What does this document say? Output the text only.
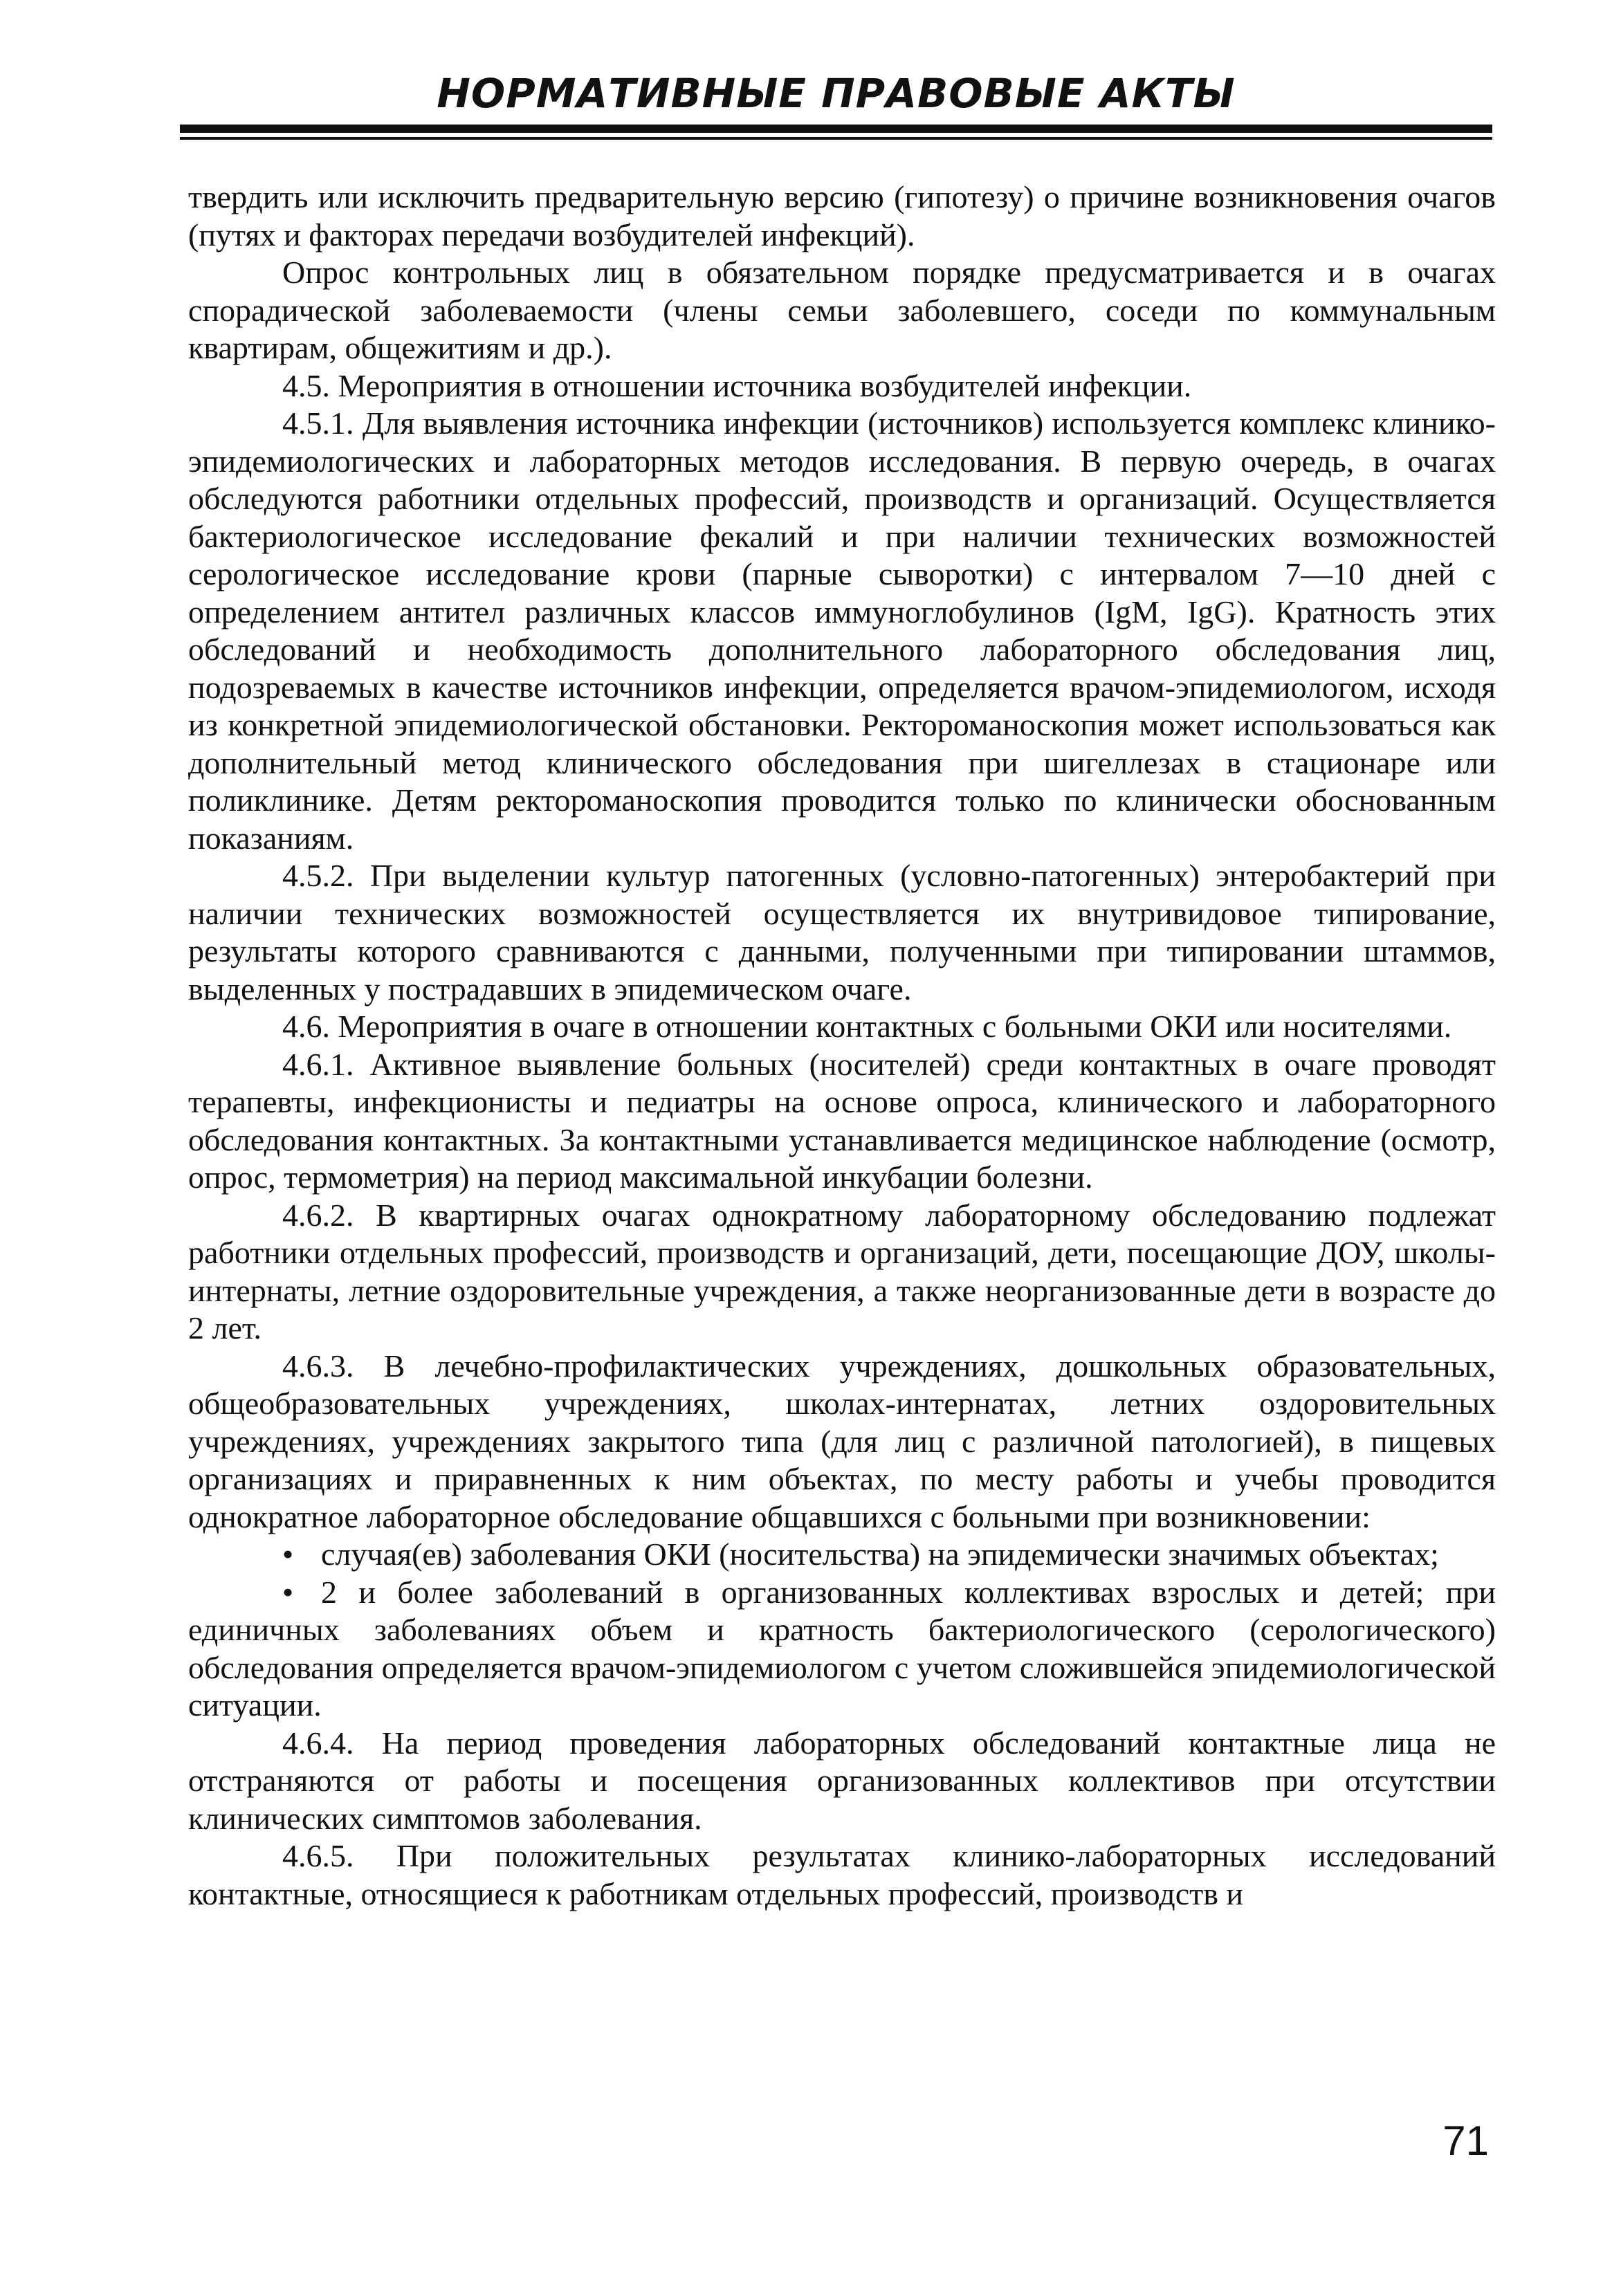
НОРМАТИВНЫЕ ПРАВОВЫЕ АКТЫ

твердить или исключить предварительную версию (гипотезу) о причине возникновения очагов (путях и факторах передачи возбудителей инфекций).

Опрос контрольных лиц в обязательном порядке предусматривается и в очагах спорадической заболеваемости (члены семьи заболевшего, соседи по коммунальным квартирам, общежитиям и др.).

4.5. Мероприятия в отношении источника возбудителей инфекции.

4.5.1. Для выявления источника инфекции (источников) используется комплекс клинико-эпидемиологических и лабораторных методов исследования. В первую очередь, в очагах обследуются работники отдельных профессий, производств и организаций. Осуществляется бактериологическое исследование фекалий и при наличии технических возможностей серологическое исследование крови (парные сыворотки) с интервалом 7—10 дней с определением антител различных классов иммуноглобулинов (IgM, IgG). Кратность этих обследований и необходимость дополнительного лабораторного обследования лиц, подозреваемых в качестве источников инфекции, определяется врачом-эпидемиологом, исходя из конкретной эпидемиологической обстановки. Ректороманоскопия может использоваться как дополнительный метод клинического обследования при шигеллезах в стационаре или поликлинике. Детям ректороманоскопия проводится только по клинически обоснованным показаниям.

4.5.2. При выделении культур патогенных (условно-патогенных) энтеробактерий при наличии технических возможностей осуществляется их внутривидовое типирование, результаты которого сравниваются с данными, полученными при типировании штаммов, выделенных у пострадавших в эпидемическом очаге.

4.6. Мероприятия в очаге в отношении контактных с больными ОКИ или носителями.

4.6.1. Активное выявление больных (носителей) среди контактных в очаге проводят терапевты, инфекционисты и педиатры на основе опроса, клинического и лабораторного обследования контактных. За контактными устанавливается медицинское наблюдение (осмотр, опрос, термометрия) на период максимальной инкубации болезни.

4.6.2. В квартирных очагах однократному лабораторному обследованию подлежат работники отдельных профессий, производств и организаций, дети, посещающие ДОУ, школы-интернаты, летние оздоровительные учреждения, а также неорганизованные дети в возрасте до 2 лет.

4.6.3. В лечебно-профилактических учреждениях, дошкольных образовательных, общеобразовательных учреждениях, школах-интернатах, летних оздоровительных учреждениях, учреждениях закрытого типа (для лиц с различной патологией), в пищевых организациях и приравненных к ним объектах, по месту работы и учебы проводится однократное лабораторное обследование общавшихся с больными при возникновении:

• случая(ев) заболевания ОКИ (носительства) на эпидемически значимых объектах;

• 2 и более заболеваний в организованных коллективах взрослых и детей; при единичных заболеваниях объем и кратность бактериологического (серологического) обследования определяется врачом-эпидемиологом с учетом сложившейся эпидемиологической ситуации.

4.6.4. На период проведения лабораторных обследований контактные лица не отстраняются от работы и посещения организованных коллективов при отсутствии клинических симптомов заболевания.

4.6.5. При положительных результатах клинико-лабораторных исследований контактные, относящиеся к работникам отдельных профессий, производств и

71
